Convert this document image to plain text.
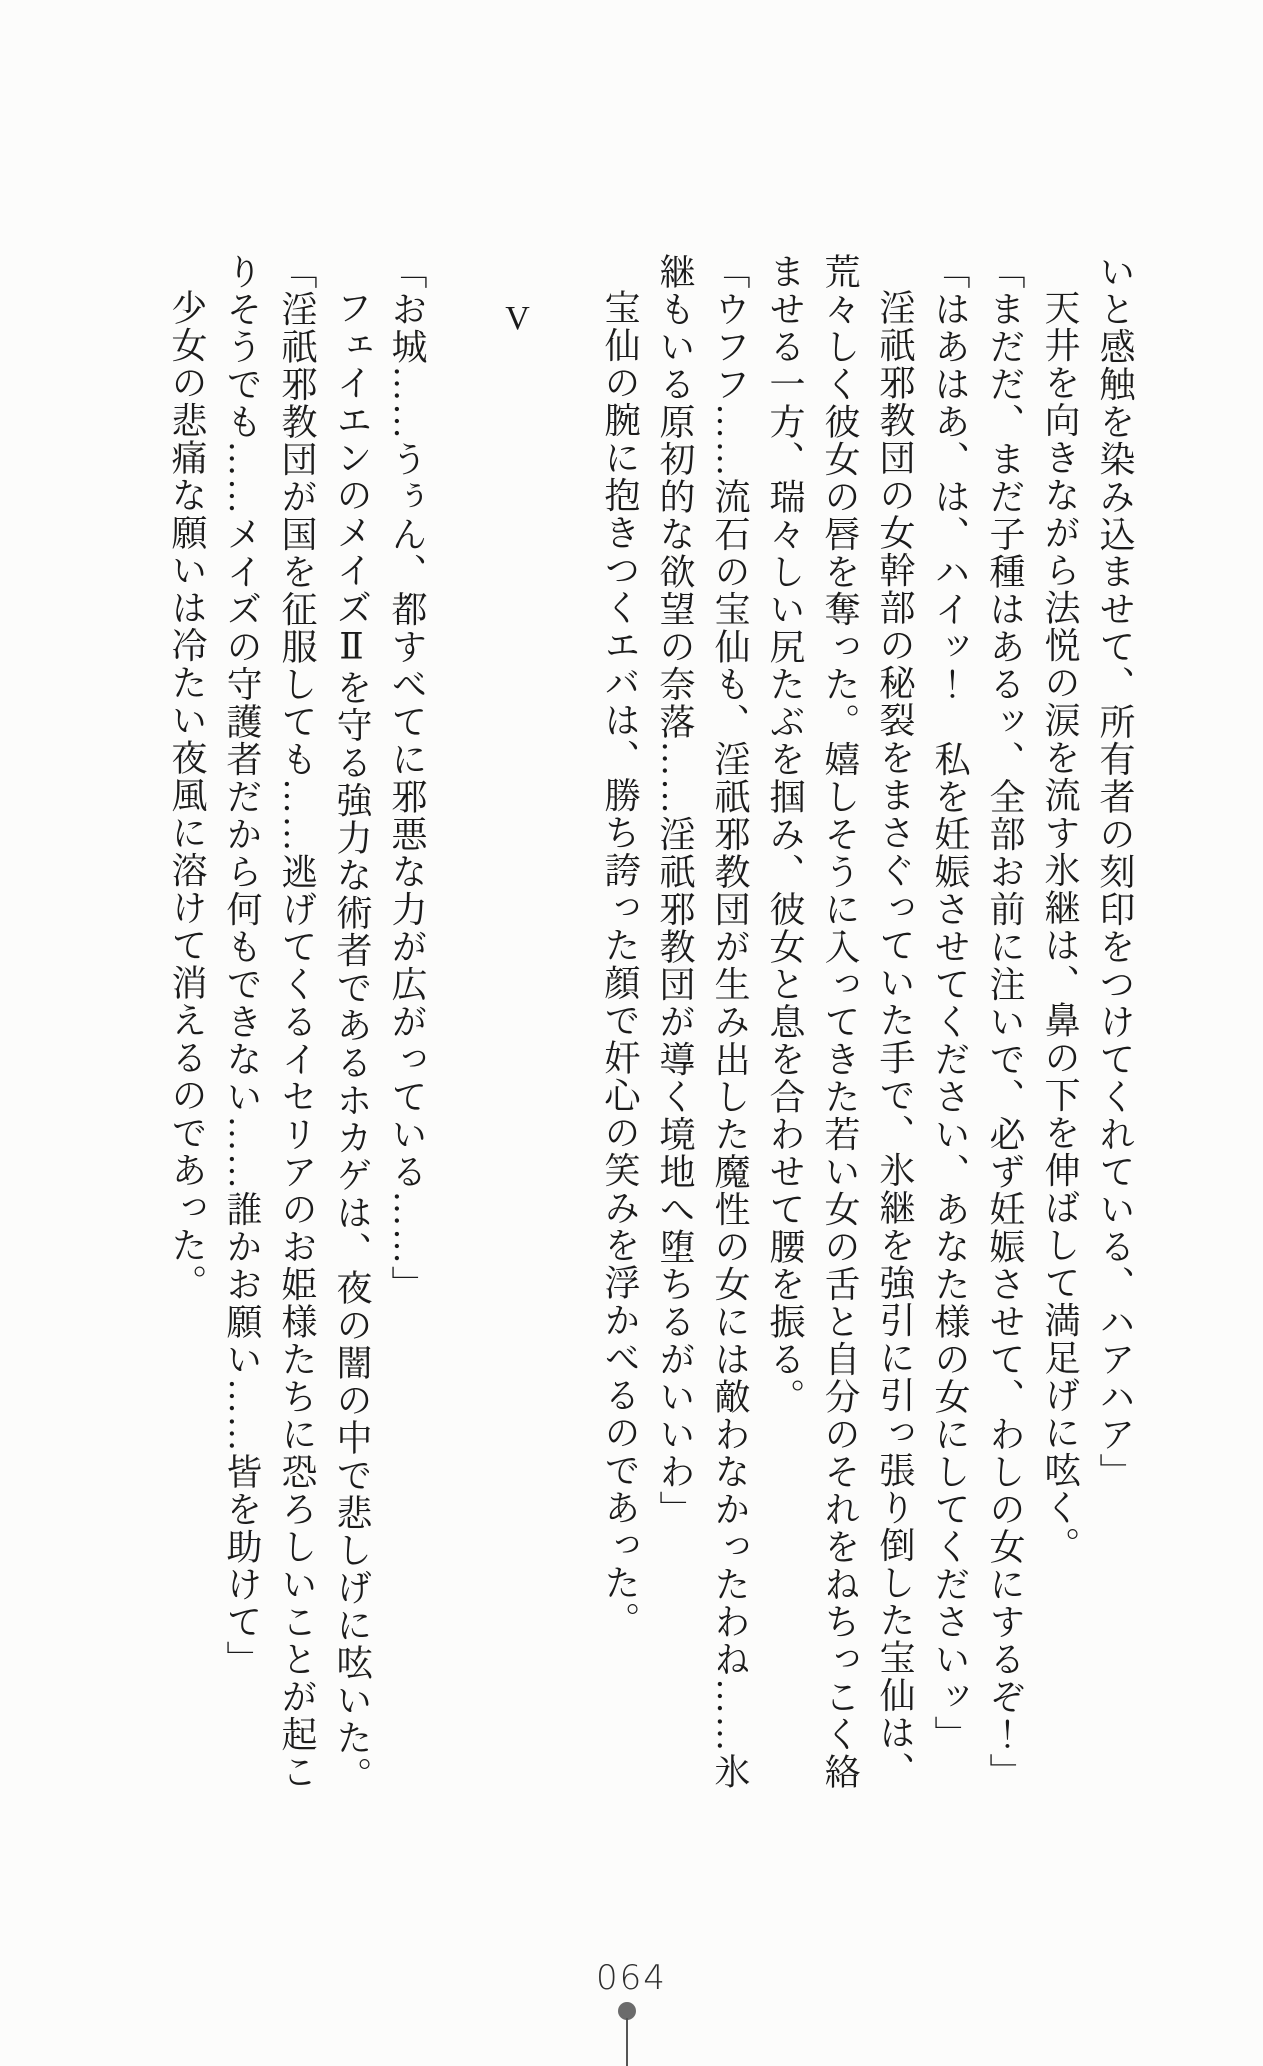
いと感触を染み込ませて、所有者の刻印をつけてくれている、ハアハア」

天井を向きながら法悦の涙を流す氷継は、鼻の下を伸ばして満足げに呟く。

「まだだ、まだ子種はあるッ、全部お前に注いで、必ず妊娠させて、わしの女にするぞ！」

「はあはあ、は、ハイッ！　私を妊娠させてください、あなた様の女にしてくださいッ」

淫祇邪教団の女幹部の秘裂をまさぐっていた手で、氷継を強引に引っ張り倒した宝仙は、荒々しく彼女の唇を奪った。嬉しそうに入ってきた若い女の舌と自分のそれをねちっこく絡ませる一方、瑞々しい尻たぶを掴み、彼女と息を合わせて腰を振る。

「ウフフ……流石の宝仙も、淫祇邪教団が生み出した魔性の女には敵わなかったわね……氷継もいる原初的な欲望の奈落……淫祇邪教団が導く境地へ堕ちるがいいわ」

宝仙の腕に抱きつくエバは、勝ち誇った顔で奸心の笑みを浮かべるのであった。

V

「お城……うぅん、都すべてに邪悪な力が広がっている……」

フェイエンのメイズⅡを守る強力な術者であるホカゲは、夜の闇の中で悲しげに呟いた。

「淫祇邪教団が国を征服しても……逃げてくるイセリアのお姫様たちに恐ろしいことが起こりそうでも……メイズの守護者だから何もできない……誰かお願い……皆を助けて」

少女の悲痛な願いは冷たい夜風に溶けて消えるのであった。

064
